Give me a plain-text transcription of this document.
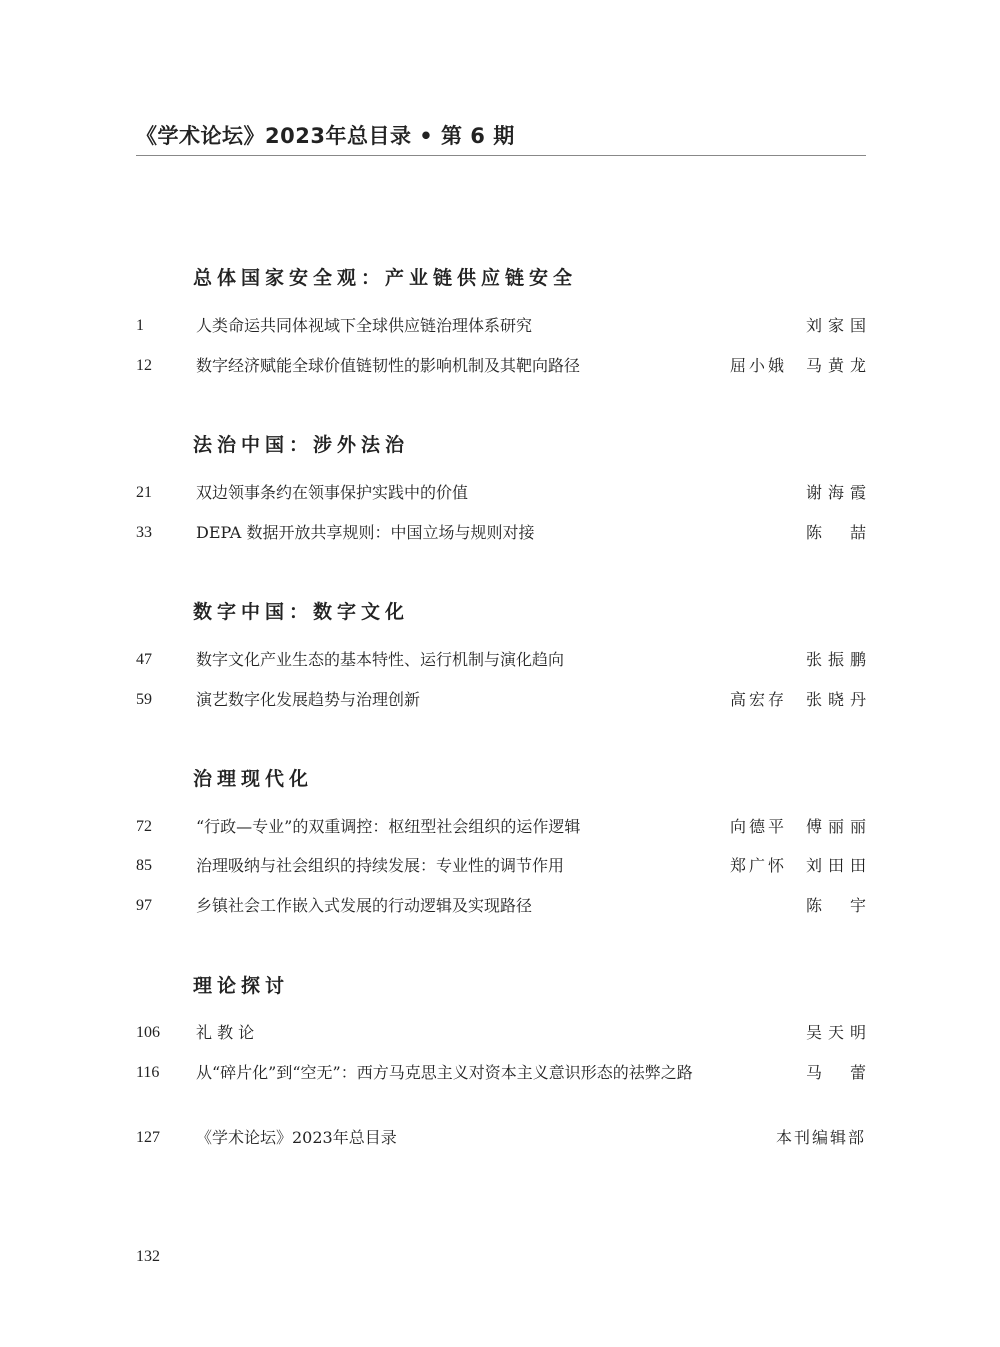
《学术论坛》2023年总目录 • 第 6 期
总体国家安全观：产业链供应链安全
1	人类命运共同体视域下全球供应链治理体系研究	刘家国
12	数字经济赋能全球价值链韧性的影响机制及其靶向路径	屈小娥 马黄龙
法治中国：涉外法治
21	双边领事条约在领事保护实践中的价值	谢海霞
33	DEPA 数据开放共享规则：中国立场与规则对接	陈 喆
数字中国：数字文化
47	数字文化产业生态的基本特性、运行机制与演化趋向	张振鹏
59	演艺数字化发展趋势与治理创新	高宏存 张晓丹
治理现代化
72	“行政—专业”的双重调控：枢纽型社会组织的运作逻辑	向德平 傅丽丽
85	治理吸纳与社会组织的持续发展：专业性的调节作用	郑广怀 刘田田
97	乡镇社会工作嵌入式发展的行动逻辑及实现路径	陈 宇
理论探讨
106 礼 教 论	吴天明
116 从“碎片化”到“空无”：西方马克思主义对资本主义意识形态的祛弊之路	马 蕾
127 《学术论坛》2023年总目录	本刊编辑部
132
